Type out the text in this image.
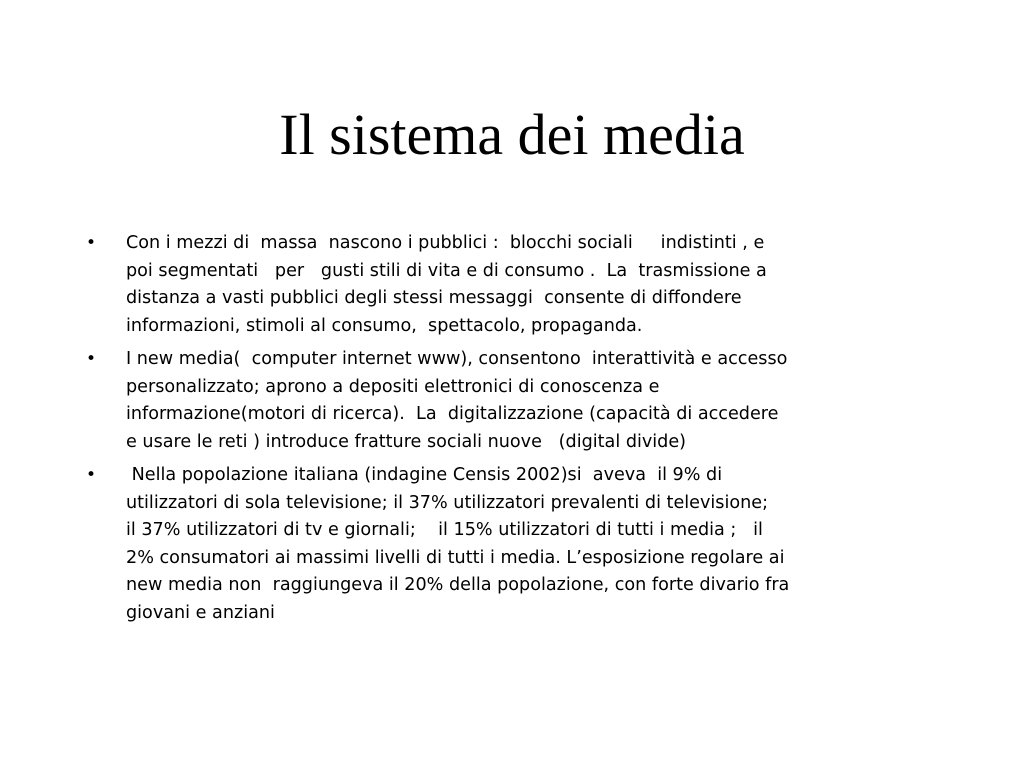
Il sistema dei media
•	Con i mezzi di  massa  nascono i pubblici :  blocchi sociali     indistinti , e
poi segmentati   per   gusti stili di vita e di consumo .  La  trasmissione a
distanza a vasti pubblici degli stessi messaggi  consente di diffondere
informazioni, stimoli al consumo,  spettacolo, propaganda.
•	I new media(  computer internet www), consentono  interattività e accesso
personalizzato; aprono a depositi elettronici di conoscenza e
informazione(motori di ricerca).  La  digitalizzazione (capacità di accedere
e usare le reti ) introduce fratture sociali nuove   (digital divide)
•	Nella popolazione italiana (indagine Censis 2002)si  aveva  il 9% di
utilizzatori di sola televisione; il 37% utilizzatori prevalenti di televisione;
il 37% utilizzatori di tv e giornali;    il 15% utilizzatori di tutti i media ;   il
2% consumatori ai massimi livelli di tutti i media. L’esposizione regolare ai
new media non  raggiungeva il 20% della popolazione, con forte divario fra
giovani e anziani
